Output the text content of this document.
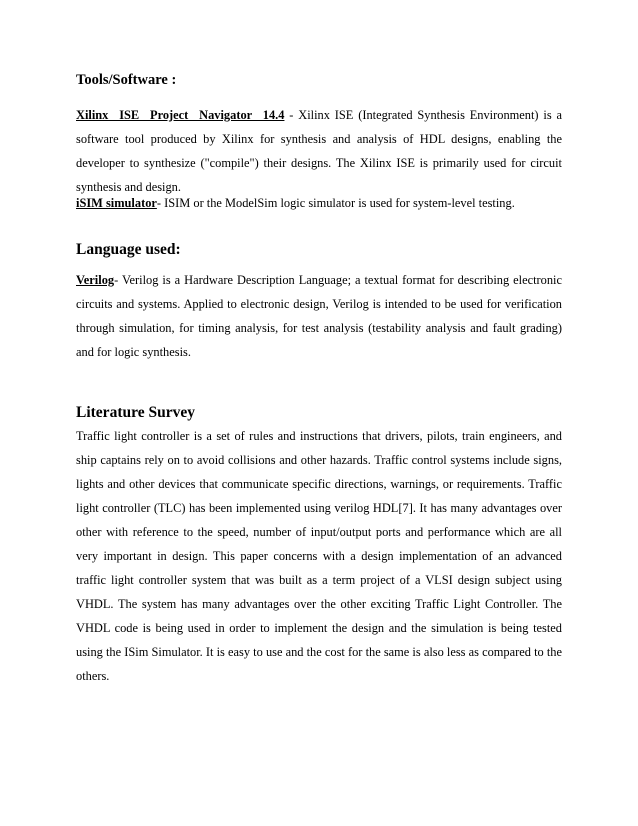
Tools/Software :

Xilinx ISE Project Navigator 14.4 - Xilinx ISE (Integrated Synthesis Environment) is a software tool produced by Xilinx for synthesis and analysis of HDL designs, enabling the developer to synthesize ("compile") their designs. The Xilinx ISE is primarily used for circuit synthesis and design.

iSIM simulator- ISIM or the ModelSim logic simulator is used for system-level testing.

Language used:

Verilog- Verilog is a Hardware Description Language; a textual format for describing electronic circuits and systems. Applied to electronic design, Verilog is intended to be used for verification through simulation, for timing analysis, for test analysis (testability analysis and fault grading) and for logic synthesis.

Literature Survey

Traffic light controller is a set of rules and instructions that drivers, pilots, train engineers, and ship captains rely on to avoid collisions and other hazards. Traffic control systems include signs, lights and other devices that communicate specific directions, warnings, or requirements. Traffic light controller (TLC) has been implemented using verilog HDL[7]. It has many advantages over other with reference to the speed, number of input/output ports and performance which are all very important in design. This paper concerns with a design implementation of an advanced traffic light controller system that was built as a term project of a VLSI design subject using VHDL. The system has many advantages over the other exciting Traffic Light Controller. The VHDL code is being used in order to implement the design and the simulation is being tested using the ISim Simulator. It is easy to use and the cost for the same is also less as compared to the others.
